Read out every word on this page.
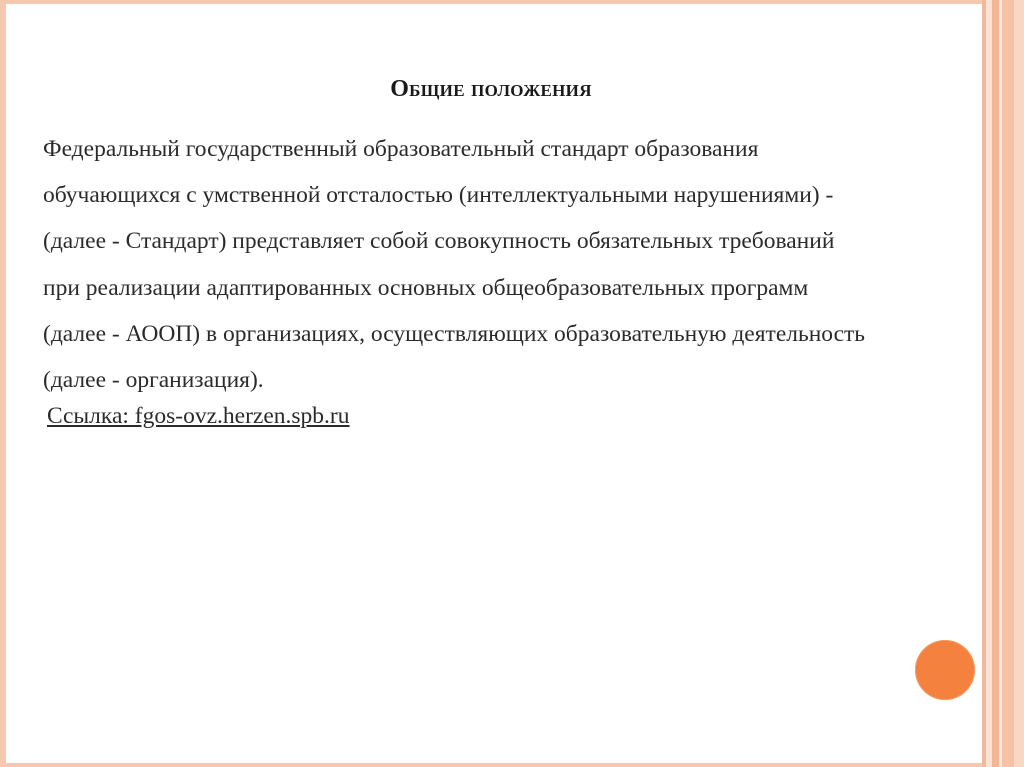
Общие положения
Федеральный государственный образовательный стандарт образования
обучающихся с умственной отсталостью (интеллектуальными нарушениями) -
(далее - Стандарт) представляет собой совокупность обязательных требований
при реализации адаптированных основных общеобразовательных программ
(далее - АООП) в организациях, осуществляющих образовательную деятельность
(далее - организация).
Ссылка: fgos-ovz.herzen.spb.ru
